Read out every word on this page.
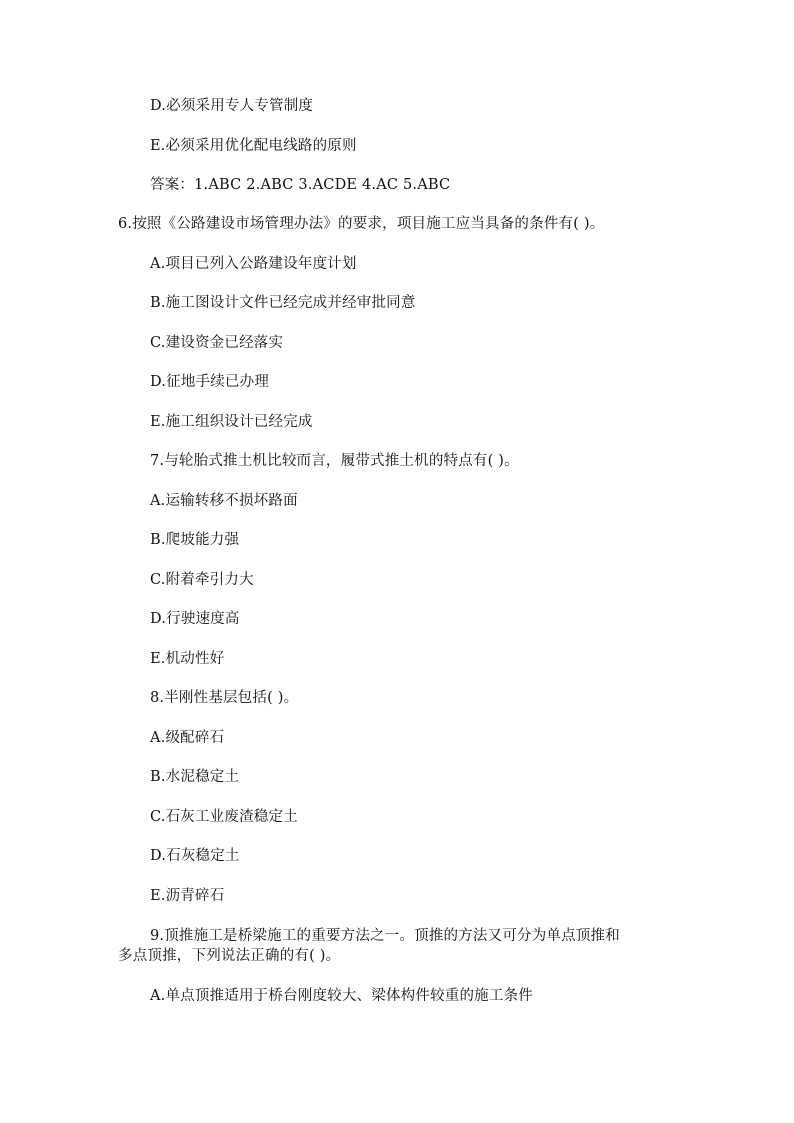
D.必须采用专人专管制度
E.必须采用优化配电线路的原则
答案：1.ABC 2.ABC 3.ACDE 4.AC 5.ABC
6.按照《公路建设市场管理办法》的要求，项目施工应当具备的条件有( )。
A.项目已列入公路建设年度计划
B.施工图设计文件已经完成并经审批同意
C.建设资金已经落实
D.征地手续已办理
E.施工组织设计已经完成
7.与轮胎式推土机比较而言，履带式推土机的特点有( )。
A.运输转移不损坏路面
B.爬坡能力强
C.附着牵引力大
D.行驶速度高
E.机动性好
8.半刚性基层包括( )。
A.级配碎石
B.水泥稳定土
C.石灰工业废渣稳定土
D.石灰稳定土
E.沥青碎石
9.顶推施工是桥梁施工的重要方法之一。顶推的方法又可分为单点顶推和
多点顶推，下列说法正确的有( )。
A.单点顶推适用于桥台刚度较大、梁体构件较重的施工条件
